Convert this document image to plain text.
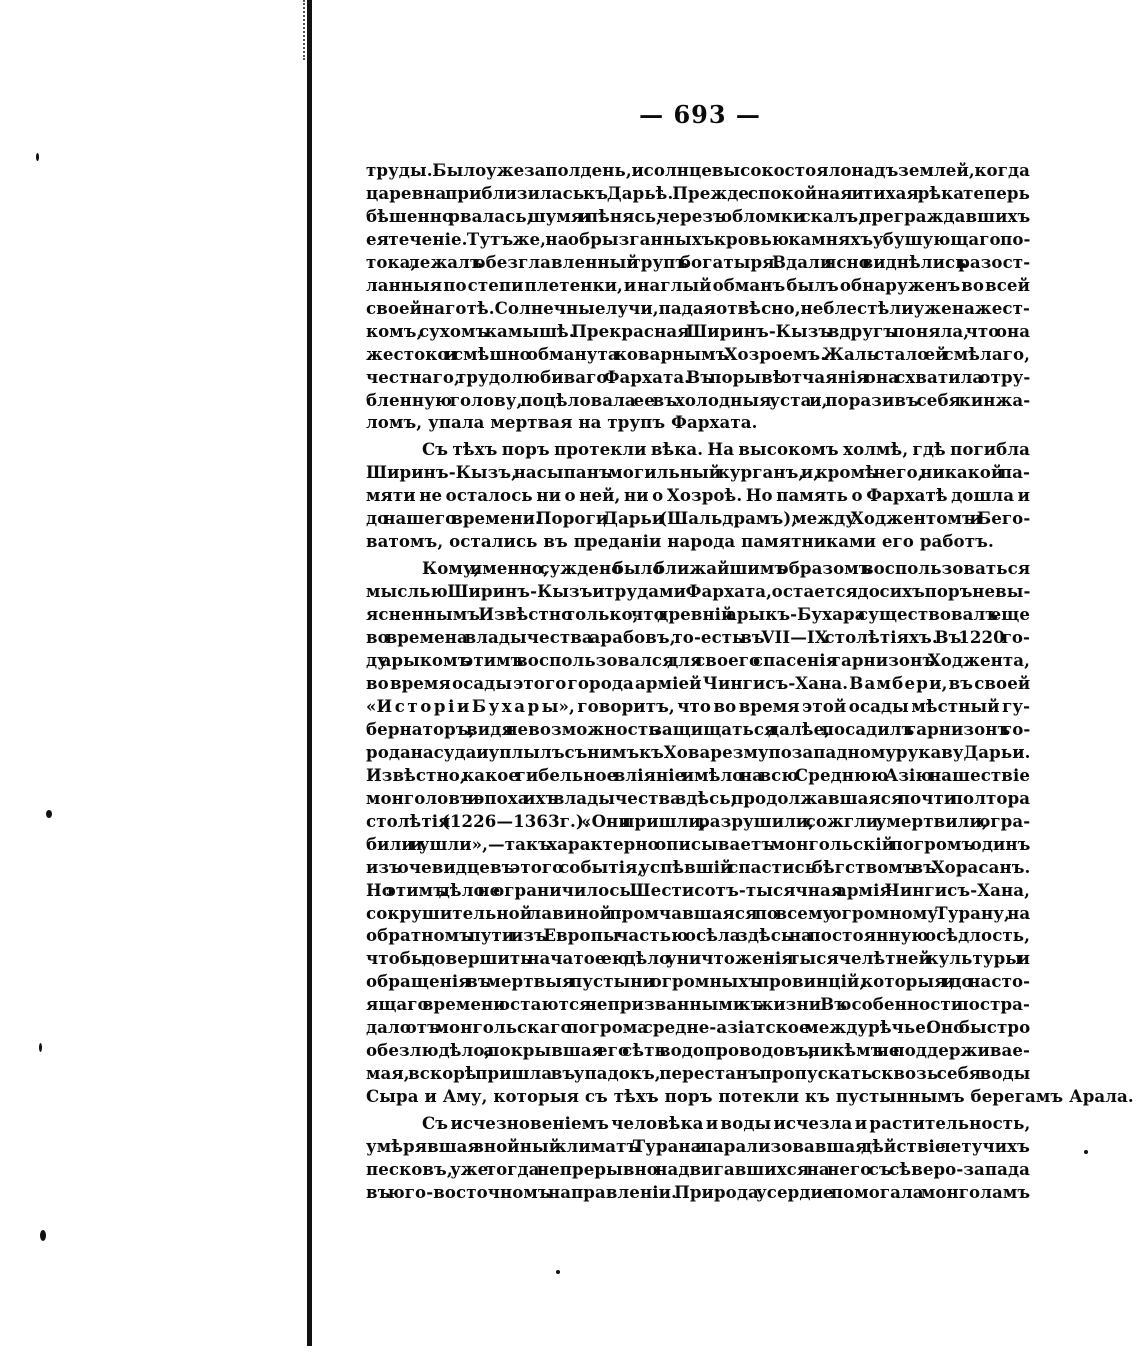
— 693 —

труды. Было уже за полдень, и солнце высоко стояло надъ землей, когда
царевна приблизилась къ Дарьѣ. Прежде спокойная и тихая рѣка теперь
бѣшенно рвалась, шумя и пѣнясь, черезъ обломки скалъ, преграждавшихъ
ея теченіе. Тутъ же, на обрызганныхъ кровью камняхъ у бушующаго по-
тока, лежалъ обезглавленный трупъ богатыря. Вдали ясно виднѣлись разост-
ланныя по степи плетенки, и наглый обманъ былъ обнаруженъ во всей
своей наготѣ. Солнечные лучи, падая отвѣсно, не блестѣли уже на жест-
комъ, сухомъ камышѣ. Прекрасная Ширинъ-Кызъ вдругъ поняла, что она
жестоко и смѣшно обманута коварнымъ Хозроемъ. Жаль стало ей смѣлаго,
честнаго, трудолюбиваго Фархата. Въ порывѣ отчаянія она схватила отру-
бленную голову, поцѣловала ее въ холодныя уста и, поразивъ себя кинжа-
ломъ, упала мертвая на трупъ Фархата.

Съ тѣхъ поръ протекли вѣка. На высокомъ холмѣ, гдѣ погибла
Ширинъ-Кызъ, насыпанъ могильный курганъ, и, кромѣ него, никакой па-
мяти не осталось ни о ней, ни о Хозроѣ. Но память о Фархатѣ дошла и
до нашего времени. Пороги Дарьи (Шальдрамъ), между Ходжентомъ и Бего-
ватомъ, остались въ преданіи народа памятниками его работъ.

Кому, именно, суждено было ближайшимъ образомъ воспользоваться
мыслью Ширинъ-Кызъ и трудами Фархата, остается до сихъ поръ невы-
ясненнымъ. Извѣстно только, что древній арыкъ-Бухара существовалъ еще
во времена владычества арабовъ, то-есть въ VII—IX столѣтіяхъ. Въ 1220 го-
ду арыкомъ этимъ воспользовался для своего спасенія гарнизонъ Ходжента,
во время осады этого города арміей Чингисъ-Хана. В а м б е р и, въ своей
«И с т о р і и Б у х а р ы», говоритъ, что во время этой осады мѣстный гу-
бернаторъ, видя невозможность защищаться далѣе, посадилъ гарнизонъ го-
рода на суда и уплылъ съ нимъ къ Ховарезму по западному рукаву Дарьи.
Извѣстно, какое гибельное вліяніе имѣло на всю Среднюю Азію нашествіе
монголовъ и эпоха ихъ владычества здѣсь, продолжавшаяся почти полтора
столѣтія (1226—1363г.). «Они пришли, разрушили, сожгли, умертвили, огра-
били и ушли»,—такъ характерно описываетъ монгольскій погромъ одинъ
изъ очевидцевъ этого событія, успѣвшій спастись бѣгствомъ въ Хорасанъ.
Но этимъ дѣло не ограничилось. Шестисотъ-тысячная армія Чингисъ-Хана,
сокрушительной лавиной промчавшаяся по всему огромному Турану, на
обратномъ пути изъ Европы частью осѣла здѣсь на постоянную осѣдлость,
чтобы довершить начатое ею дѣло уничтоженія тысячелѣтней культуры и
обращенія въ мертвыя пустыни огромныхъ провинцій, которыя и до насто-
ящаго времени остаются непризванными къ жизни. Въ особенности постра-
дало отъ монгольскаго погрома средне-азіатское междурѣчье. Оно быстро
обезлюдѣло, а покрывшая его сѣть водопроводовъ, никѣмъ не поддерживае-
мая, вскорѣ пришла въ упадокъ, перестанъ пропускать сквозь себя воды
Сыра и Аму, которыя съ тѣхъ поръ потекли къ пустыннымъ берегамъ Арала.

Съ исчезновеніемъ человѣка и воды исчезла и растительность,
умѣрявшая знойный климатъ Турана и парализовавшая дѣйствіе летучихъ
песковъ, уже тогда непрерывно надвигавшихся на него съ сѣверо-запада
въ юго-восточномъ направленіи. Природа усердие помогала монголамъ
